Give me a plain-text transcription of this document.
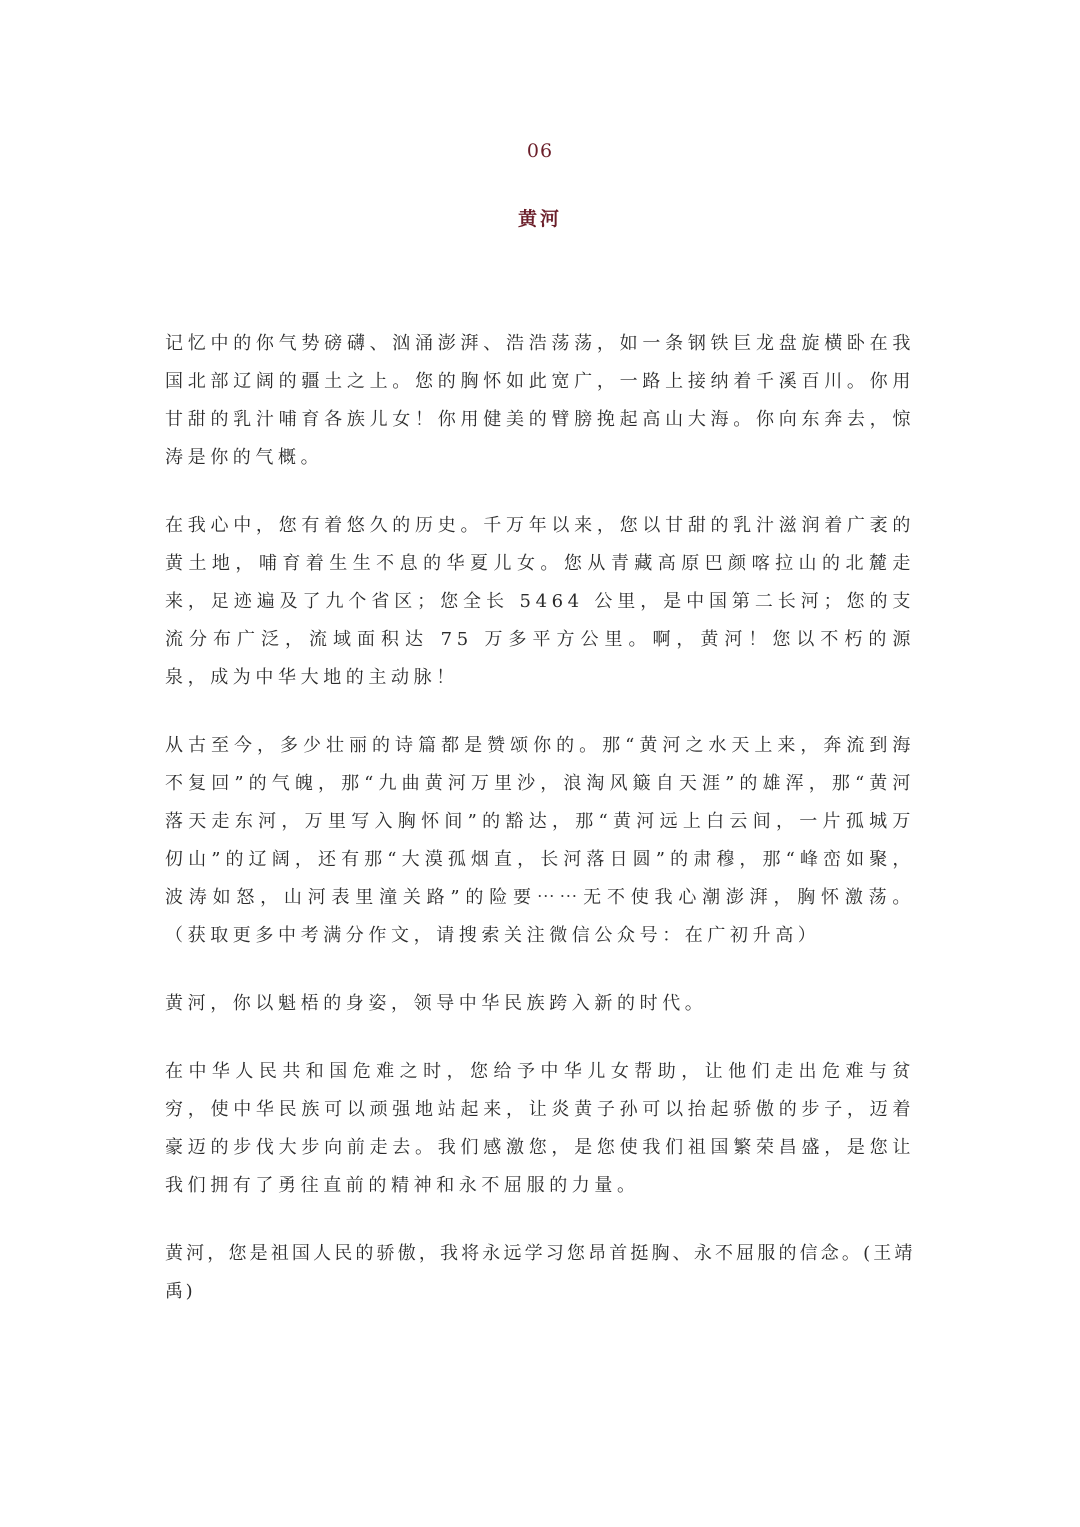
06
黄河

记忆中的你气势磅礴、汹涌澎湃、浩浩荡荡，如一条钢铁巨龙盘旋横卧在我国北部辽阔的疆土之上。您的胸怀如此宽广，一路上接纳着千溪百川。你用甘甜的乳汁哺育各族儿女！你用健美的臂膀挽起高山大海。你向东奔去，惊涛是你的气概。

在我心中，您有着悠久的历史。千万年以来，您以甘甜的乳汁滋润着广袤的黄土地，哺育着生生不息的华夏儿女。您从青藏高原巴颜喀拉山的北麓走来，足迹遍及了九个省区；您全长 5464 公里，是中国第二长河；您的支流分布广泛，流域面积达 75 万多平方公里。啊，黄河！您以不朽的源泉，成为中华大地的主动脉！

从古至今，多少壮丽的诗篇都是赞颂你的。那“黄河之水天上来，奔流到海不复回”的气魄，那“九曲黄河万里沙，浪淘风簸自天涯”的雄浑，那“黄河落天走东河，万里写入胸怀间”的豁达，那“黄河远上白云间，一片孤城万仞山”的辽阔，还有那“大漠孤烟直，长河落日圆”的肃穆，那“峰峦如聚，波涛如怒，山河表里潼关路”的险要⋯⋯无不使我心潮澎湃，胸怀激荡。（获取更多中考满分作文，请搜索关注微信公众号：在广初升高）

黄河，你以魁梧的身姿，领导中华民族跨入新的时代。

在中华人民共和国危难之时，您给予中华儿女帮助，让他们走出危难与贫穷，使中华民族可以顽强地站起来，让炎黄子孙可以抬起骄傲的步子，迈着豪迈的步伐大步向前走去。我们感激您，是您使我们祖国繁荣昌盛，是您让我们拥有了勇往直前的精神和永不屈服的力量。

黄河，您是祖国人民的骄傲，我将永远学习您昂首挺胸、永不屈服的信念。(王靖禹)
